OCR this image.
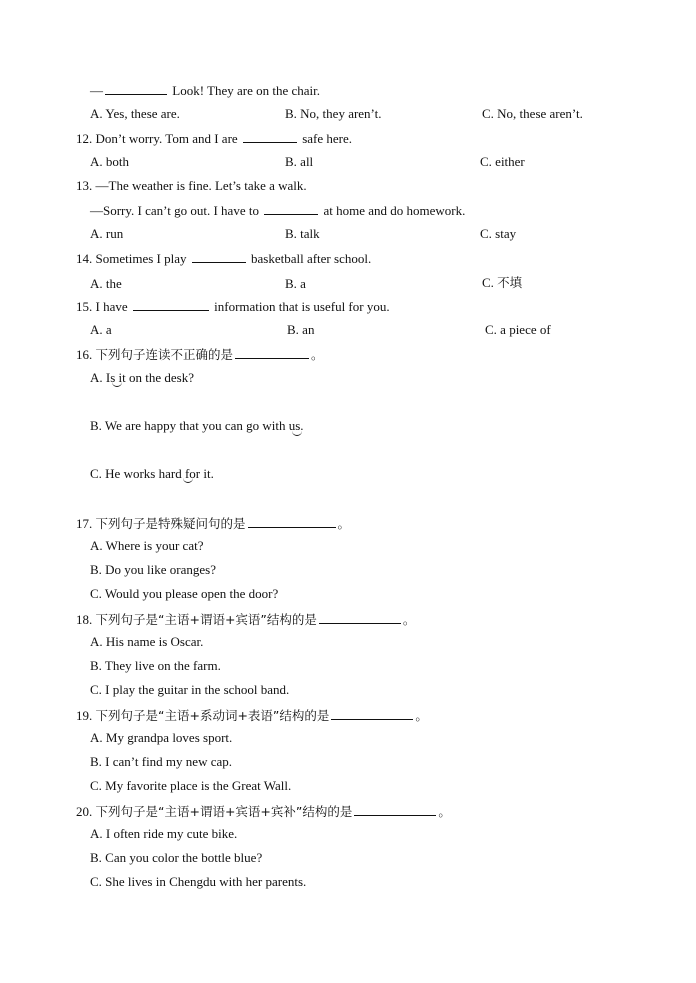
—	Look! They are on the chair.
A. Yes, these are.	B. No, they aren’t.	C. No, these aren’t.
12. Don’t worry. Tom and I are	safe here.
A. both	B. all	C. either
13. —The weather is fine. Let’s take a walk.
—Sorry. I can’t go out. I have to	at home and do homework.
A. run	B. talk	C. stay
14. Sometimes I play	basketball after school.
A. the	B. a	C. 不填
15. I have	information that is useful for you.
A. a	B. an	C. a piece of
16. 下列句子连读不正确的是	。
A. Is it on the desk?
B. We are happy that you can go with us.
C. He works hard for it.
17. 下列句子是特殊疑问句的是	。
A. Where is your cat?
B. Do you like oranges?
C. Would you please open the door?
18. 下列句子是“主语+谓语+宾语”结构的是	。
A. His name is Oscar.
B. They live on the farm.
C. I play the guitar in the school band.
19. 下列句子是“主语+系动词+表语”结构的是	。
A. My grandpa loves sport.
B. I can’t find my new cap.
C. My favorite place is the Great Wall.
20. 下列句子是“主语+谓语+宾语+宾补”结构的是	。
A. I often ride my cute bike.
B. Can you color the bottle blue?
C. She lives in Chengdu with her parents.
